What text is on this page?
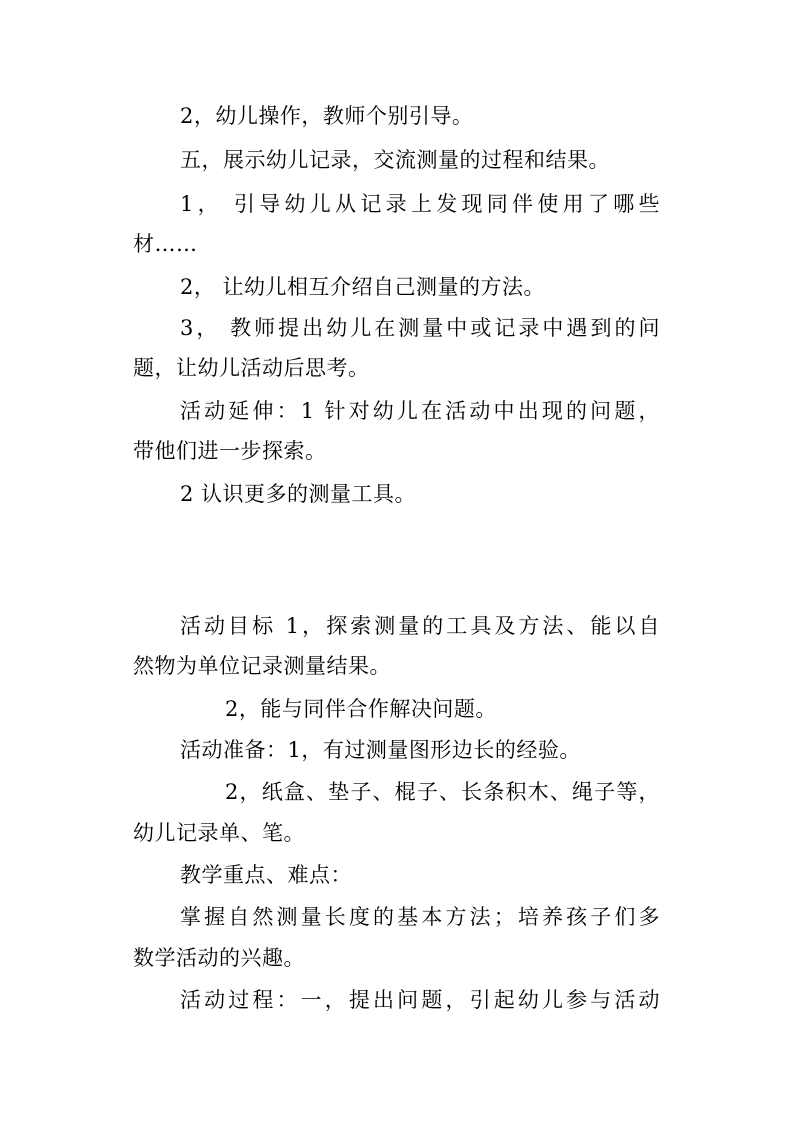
2，幼儿操作，教师个别引导。
五，展示幼儿记录，交流测量的过程和结果。
1， 引导幼儿从记录上发现同伴使用了哪些
材……
2， 让幼儿相互介绍自己测量的方法。
3， 教师提出幼儿在测量中或记录中遇到的问
题，让幼儿活动后思考。
活动延伸：1 针对幼儿在活动中出现的问题，
带他们进一步探索。
2 认识更多的测量工具。
活动目标 1，探索测量的工具及方法、能以自
然物为单位记录测量结果。
2，能与同伴合作解决问题。
活动准备：1，有过测量图形边长的经验。
2，纸盒、垫子、棍子、长条积木、绳子等，
幼儿记录单、笔。
教学重点、难点：
掌握自然测量长度的基本方法；培养孩子们多
数学活动的兴趣。
活动过程：一，提出问题，引起幼儿参与活动
